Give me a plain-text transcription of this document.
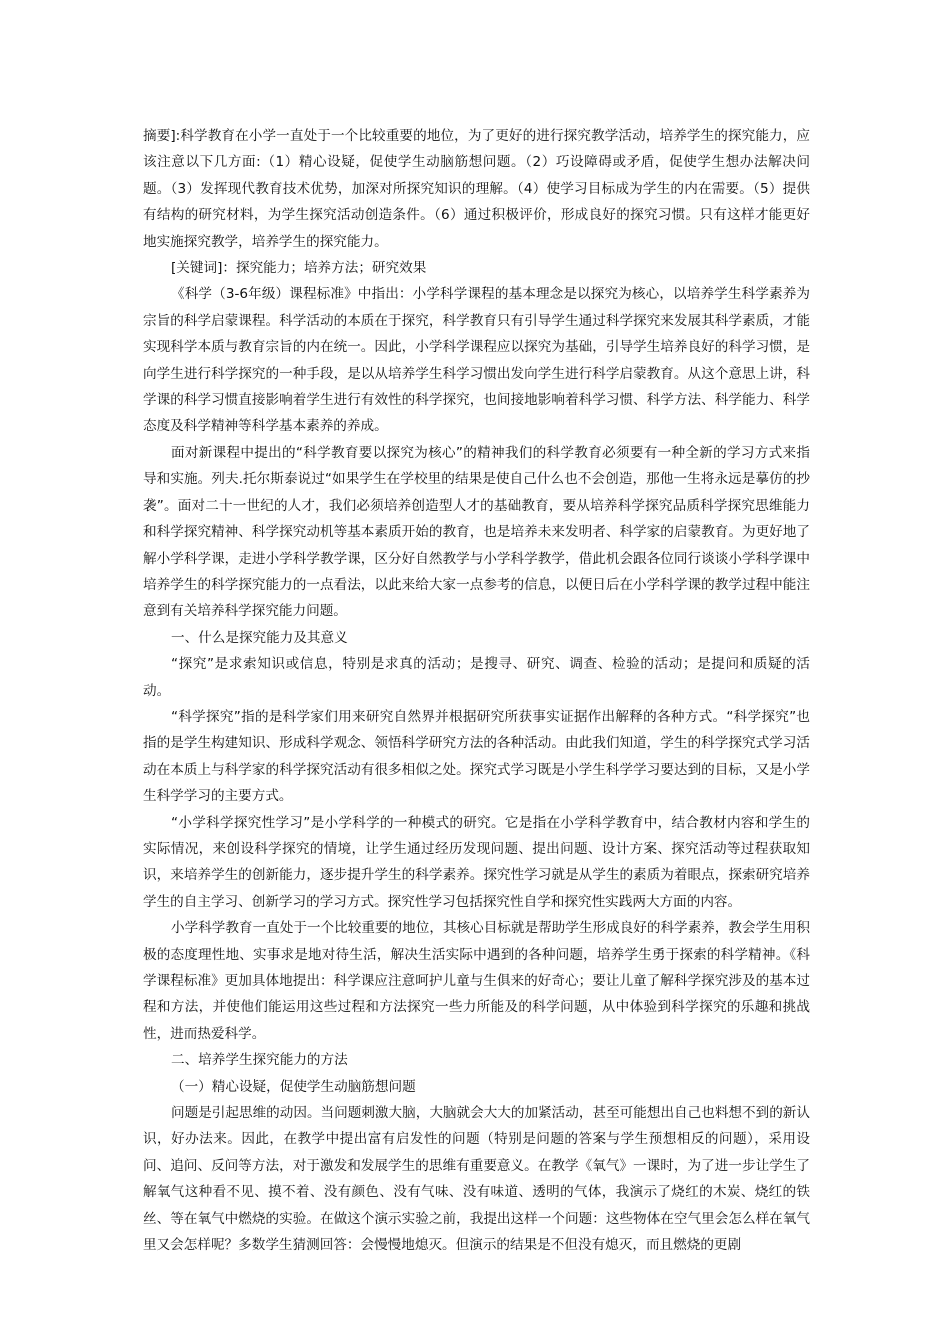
摘要]:科学教育在小学一直处于一个比较重要的地位，为了更好的进行探究教学活动，培养学生的探究能力，应该注意以下几方面:（1）精心设疑，促使学生动脑筋想问题。（2）巧设障碍或矛盾，促使学生想办法解决问题。（3）发挥现代教育技术优势，加深对所探究知识的理解。（4）使学习目标成为学生的内在需要。（5）提供有结构的研究材料，为学生探究活动创造条件。（6）通过积极评价，形成良好的探究习惯。只有这样才能更好地实施探究教学，培养学生的探究能力。

[关键词]：探究能力；培养方法；研究效果

《科学（3-6年级）课程标准》中指出：小学科学课程的基本理念是以探究为核心，以培养学生科学素养为宗旨的科学启蒙课程。科学活动的本质在于探究，科学教育只有引导学生通过科学探究来发展其科学素质，才能实现科学本质与教育宗旨的内在统一。因此，小学科学课程应以探究为基础，引导学生培养良好的科学习惯，是向学生进行科学探究的一种手段，是以从培养学生科学习惯出发向学生进行科学启蒙教育。从这个意思上讲，科学课的科学习惯直接影响着学生进行有效性的科学探究，也间接地影响着科学习惯、科学方法、科学能力、科学态度及科学精神等科学基本素养的养成。

面对新课程中提出的“科学教育要以探究为核心”的精神我们的科学教育必须要有一种全新的学习方式来指导和实施。列夫.托尔斯泰说过“如果学生在学校里的结果是使自己什么也不会创造，那他一生将永远是摹仿的抄袭”。面对二十一世纪的人才，我们必须培养创造型人才的基础教育，要从培养科学探究品质科学探究思维能力和科学探究精神、科学探究动机等基本素质开始的教育，也是培养未来发明者、科学家的启蒙教育。为更好地了解小学科学课，走进小学科学教学课，区分好自然教学与小学科学教学，借此机会跟各位同行谈谈小学科学课中培养学生的科学探究能力的一点看法，以此来给大家一点参考的信息，以便日后在小学科学课的教学过程中能注意到有关培养科学探究能力问题。

一、什么是探究能力及其意义

“探究”是求索知识或信息，特别是求真的活动；是搜寻、研究、调查、检验的活动；是提问和质疑的活动。

“科学探究”指的是科学家们用来研究自然界并根据研究所获事实证据作出解释的各种方式。“科学探究”也指的是学生构建知识、形成科学观念、领悟科学研究方法的各种活动。由此我们知道，学生的科学探究式学习活动在本质上与科学家的科学探究活动有很多相似之处。探究式学习既是小学生科学学习要达到的目标，又是小学生科学学习的主要方式。

“小学科学探究性学习”是小学科学的一种模式的研究。它是指在小学科学教育中，结合教材内容和学生的实际情况，来创设科学探究的情境，让学生通过经历发现问题、提出问题、设计方案、探究活动等过程获取知识，来培养学生的创新能力，逐步提升学生的科学素养。探究性学习就是从学生的素质为着眼点，探索研究培养学生的自主学习、创新学习的学习方式。探究性学习包括探究性自学和探究性实践两大方面的内容。

小学科学教育一直处于一个比较重要的地位，其核心目标就是帮助学生形成良好的科学素养，教会学生用积极的态度理性地、实事求是地对待生活，解决生活实际中遇到的各种问题，培养学生勇于探索的科学精神。《科学课程标准》更加具体地提出：科学课应注意呵护儿童与生俱来的好奇心；要让儿童了解科学探究涉及的基本过程和方法，并使他们能运用这些过程和方法探究一些力所能及的科学问题，从中体验到科学探究的乐趣和挑战性，进而热爱科学。

二、培养学生探究能力的方法

（一）精心设疑，促使学生动脑筋想问题

问题是引起思维的动因。当问题刺激大脑，大脑就会大大的加紧活动，甚至可能想出自己也料想不到的新认识，好办法来。因此，在教学中提出富有启发性的问题（特别是问题的答案与学生预想相反的问题），采用设问、追问、反问等方法，对于激发和发展学生的思维有重要意义。在教学《氧气》一课时，为了进一步让学生了解氧气这种看不见、摸不着、没有颜色、没有气味、没有味道、透明的气体，我演示了烧红的木炭、烧红的铁丝、等在氧气中燃烧的实验。在做这个演示实验之前，我提出这样一个问题：这些物体在空气里会怎么样在氧气里又会怎样呢？多数学生猜测回答：会慢慢地熄灭。但演示的结果是不但没有熄灭，而且燃烧的更剧
